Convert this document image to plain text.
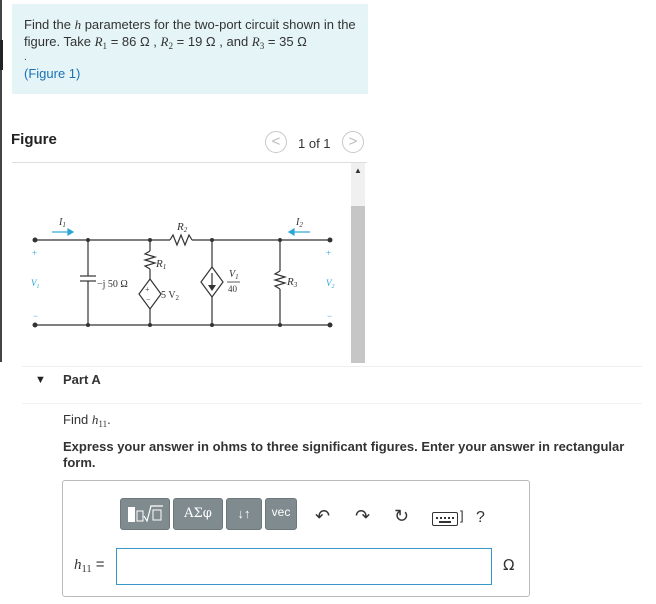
Find the h parameters for the two-port circuit shown in the figure. Take $R_1 = 86$ Ω , $R_2 = 19$ Ω , and $R_3 = 35$ Ω
.
(Figure 1)
Figure	<	1 of 1	>
$I_1$	$I_2$
R2
R1
R3
$V_1$	$V_2$
+
−
+
−
+
−
−j 50 Ω
5 $V_2$
$V_1$
40
▲
▼ Part A
Find $h_{11}$.
Express your answer in ohms to three significant figures. Enter your answer in rectangular form.
ΑΣφ	↓↑	vec	↶ ↷ ↻	] ?
$h_{11}$ =	Ω
